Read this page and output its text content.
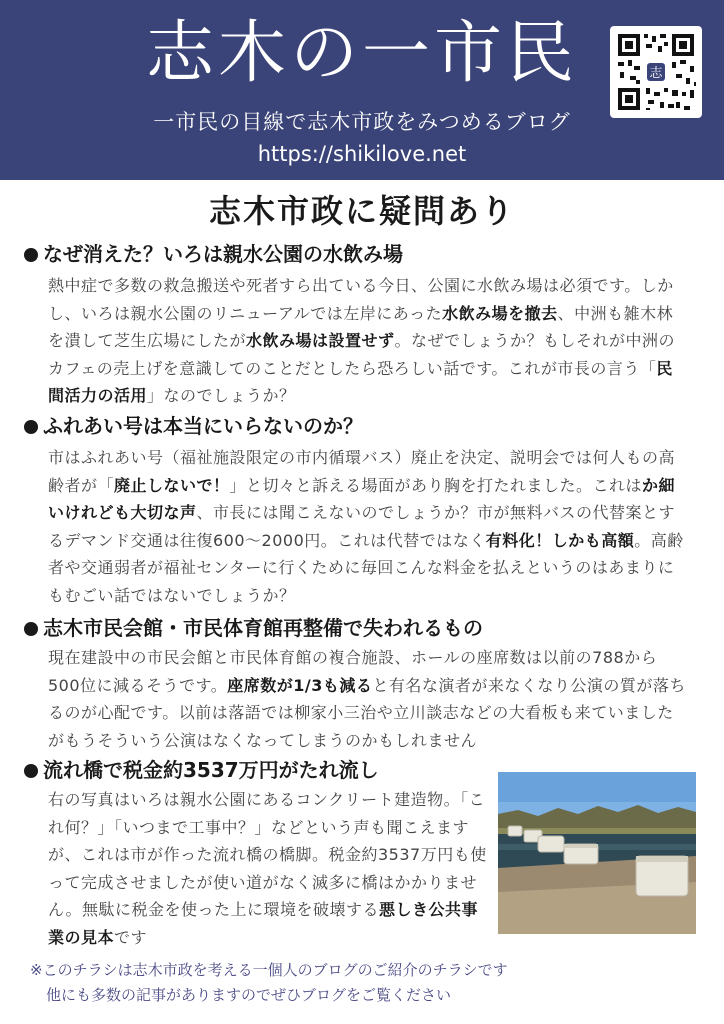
志木の一市民
一市民の目線で志木市政をみつめるブログ
https://shikilove.net
志
志木市政に疑問あり
なぜ消えた？いろは親水公園の水飲み場
熱中症で多数の救急搬送や死者すら出ている今日、公園に水飲み場は必須です。しかし、いろは親水公園のリニューアルでは左岸にあった水飲み場を撤去、中洲も雑木林を潰して芝生広場にしたが水飲み場は設置せず。なぜでしょうか？もしそれが中洲のカフェの売上げを意識してのことだとしたら恐ろしい話です。これが市長の言う「民間活力の活用」なのでしょうか？
ふれあい号は本当にいらないのか？
市はふれあい号（福祉施設限定の市内循環バス）廃止を決定、説明会では何人もの高齢者が「廃止しないで！」と切々と訴える場面があり胸を打たれました。これはか細いけれども大切な声、市長には聞こえないのでしょうか？市が無料バスの代替案とするデマンド交通は往復600〜2000円。これは代替ではなく有料化！しかも高額。高齢者や交通弱者が福祉センターに行くために毎回こんな料金を払えというのはあまりにもむごい話ではないでしょうか？
志木市民会館・市民体育館再整備で失われるもの
現在建設中の市民会館と市民体育館の複合施設、ホールの座席数は以前の788から500位に減るそうです。座席数が1/3も減ると有名な演者が来なくなり公演の質が落ちるのが心配です。以前は落語では柳家小三治や立川談志などの大看板も来ていましたがもうそういう公演はなくなってしまうのかもしれません
流れ橋で税金約3537万円がたれ流し
右の写真はいろは親水公園にあるコンクリート建造物。「これ何？」「いつまで工事中？」などという声も聞こえますが、これは市が作った流れ橋の橋脚。税金約3537万円も使って完成させましたが使い道がなく滅多に橋はかかりません。無駄に税金を使った上に環境を破壊する悪しき公共事業の見本です
※このチラシは志木市政を考える一個人のブログのご紹介のチラシです
他にも多数の記事がありますのでぜひブログをご覧ください
